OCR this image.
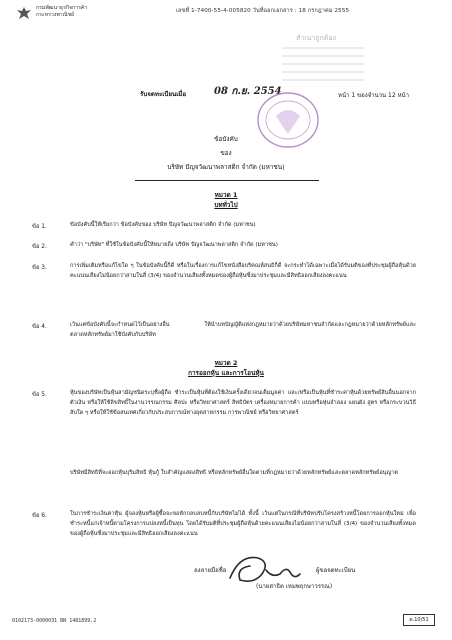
กรมพัฒนาธุรกิจการค้า
กระทรวงพาณิชย์
เลขที่ 1-7400-55-4-005820 วันที่ออกเอกสาร : 18 กรกฎาคม 2555
สำเนาถูกต้อง
รับจดทะเบียนเมื่อ	08 ก.ย. 2554	หน้า 1 ของจำนวน 12 หน้า
ข้อบังคับ
ของ
บริษัท ปัญจวัฒนาพลาสติก จำกัด (มหาชน)
หมวด 1
บททั่วไป
ข้อ 1.	ข้อบังคับนี้ให้เรียกว่า ข้อบังคับของ บริษัท ปัญจวัฒนาพลาสติก จำกัด (มหาชน)
ข้อ 2.	คำว่า "บริษัท" ที่ใช้ในข้อบังคับนี้ให้หมายถึง บริษัท ปัญจวัฒนาพลาสติก จำกัด (มหาชน)
ข้อ 3.	การเพิ่มเติมหรือแก้ไขใด ๆ ในข้อบังคับนี้ก็ดี หรือในเรื่องการแก้ไขหนังสือบริคณห์สนธิก็ดี จะกระทำได้เฉพาะเมื่อได้รับมติของที่ประชุมผู้ถือหุ้นด้วยคะแนนเสียงไม่น้อยกว่าสามในสี่ (3/4) ของจำนวนเสียงทั้งหมดของผู้ถือหุ้นซึ่งมาประชุมและมีสิทธิออกเสียงลงคะแนน
ข้อ 4.	เว้นแต่ข้อบังคับนี้จะกำหนดไว้เป็นอย่างอื่น ให้นำบทบัญญัติแห่งกฎหมายว่าด้วยบริษัทมหาชนจำกัดและกฎหมายว่าด้วยหลักทรัพย์และตลาดหลักทรัพย์มาใช้บังคับกับบริษัท
หมวด 2
การออกหุ้น และการโอนหุ้น
ข้อ 5.	หุ้นของบริษัทเป็นหุ้นสามัญชนิดระบุชื่อผู้ถือ ชำระเป็นหุ้นที่ต้องใช้เงินครั้งเดียวจนเต็มมูลค่า และ/หรือเป็นหุ้นที่ชำระค่าหุ้นด้วยทรัพย์สินอื่นนอกจากตัวเงิน หรือให้ใช้ลิขสิทธิ์ในงานวรรณกรรม ศิลปะ หรือวิทยาศาสตร์ สิทธิบัตร เครื่องหมายการค้า แบบหรือหุ่นจำลอง แผนผัง สูตร หรือกระบวนวิธีลับใด ๆ หรือให้ใช้ข้อสนเทศเกี่ยวกับประสบการณ์ทางอุตสาหกรรม การพาณิชย์ หรือวิทยาศาสตร์
บริษัทมีสิทธิที่จะออกหุ้นบุริมสิทธิ หุ้นกู้ ใบสำคัญแสดงสิทธิ หรือหลักทรัพย์อื่นใดตามที่กฎหมายว่าด้วยหลักทรัพย์และตลาดหลักทรัพย์อนุญาต
ข้อ 6.	ในการชำระเงินค่าหุ้น ผู้จองหุ้นหรือผู้ซื้อจะขอหักกลบลบหนี้กับบริษัทไม่ได้ ทั้งนี้ เว้นแต่ในกรณีที่บริษัทปรับโครงสร้างหนี้โดยการออกหุ้นใหม่ เพื่อชำระหนี้แก่เจ้าหนี้ตามโครงการแปลงหนี้เป็นทุน โดยได้รับมติที่ประชุมผู้ถือหุ้นด้วยคะแนนเสียงไม่น้อยกว่าสามในสี่ (3/4) ของจำนวนเสียงทั้งหมดของผู้ถือหุ้นซึ่งมาประชุมและมีสิทธิออกเสียงลงคะแนน
ลงลายมือชื่อ	ผู้ขอจดทะเบียน
(นายสาธิต เหมพฤกษาวรรณ)
0102173-0000031 BN 1481899.2	ต.10/51
